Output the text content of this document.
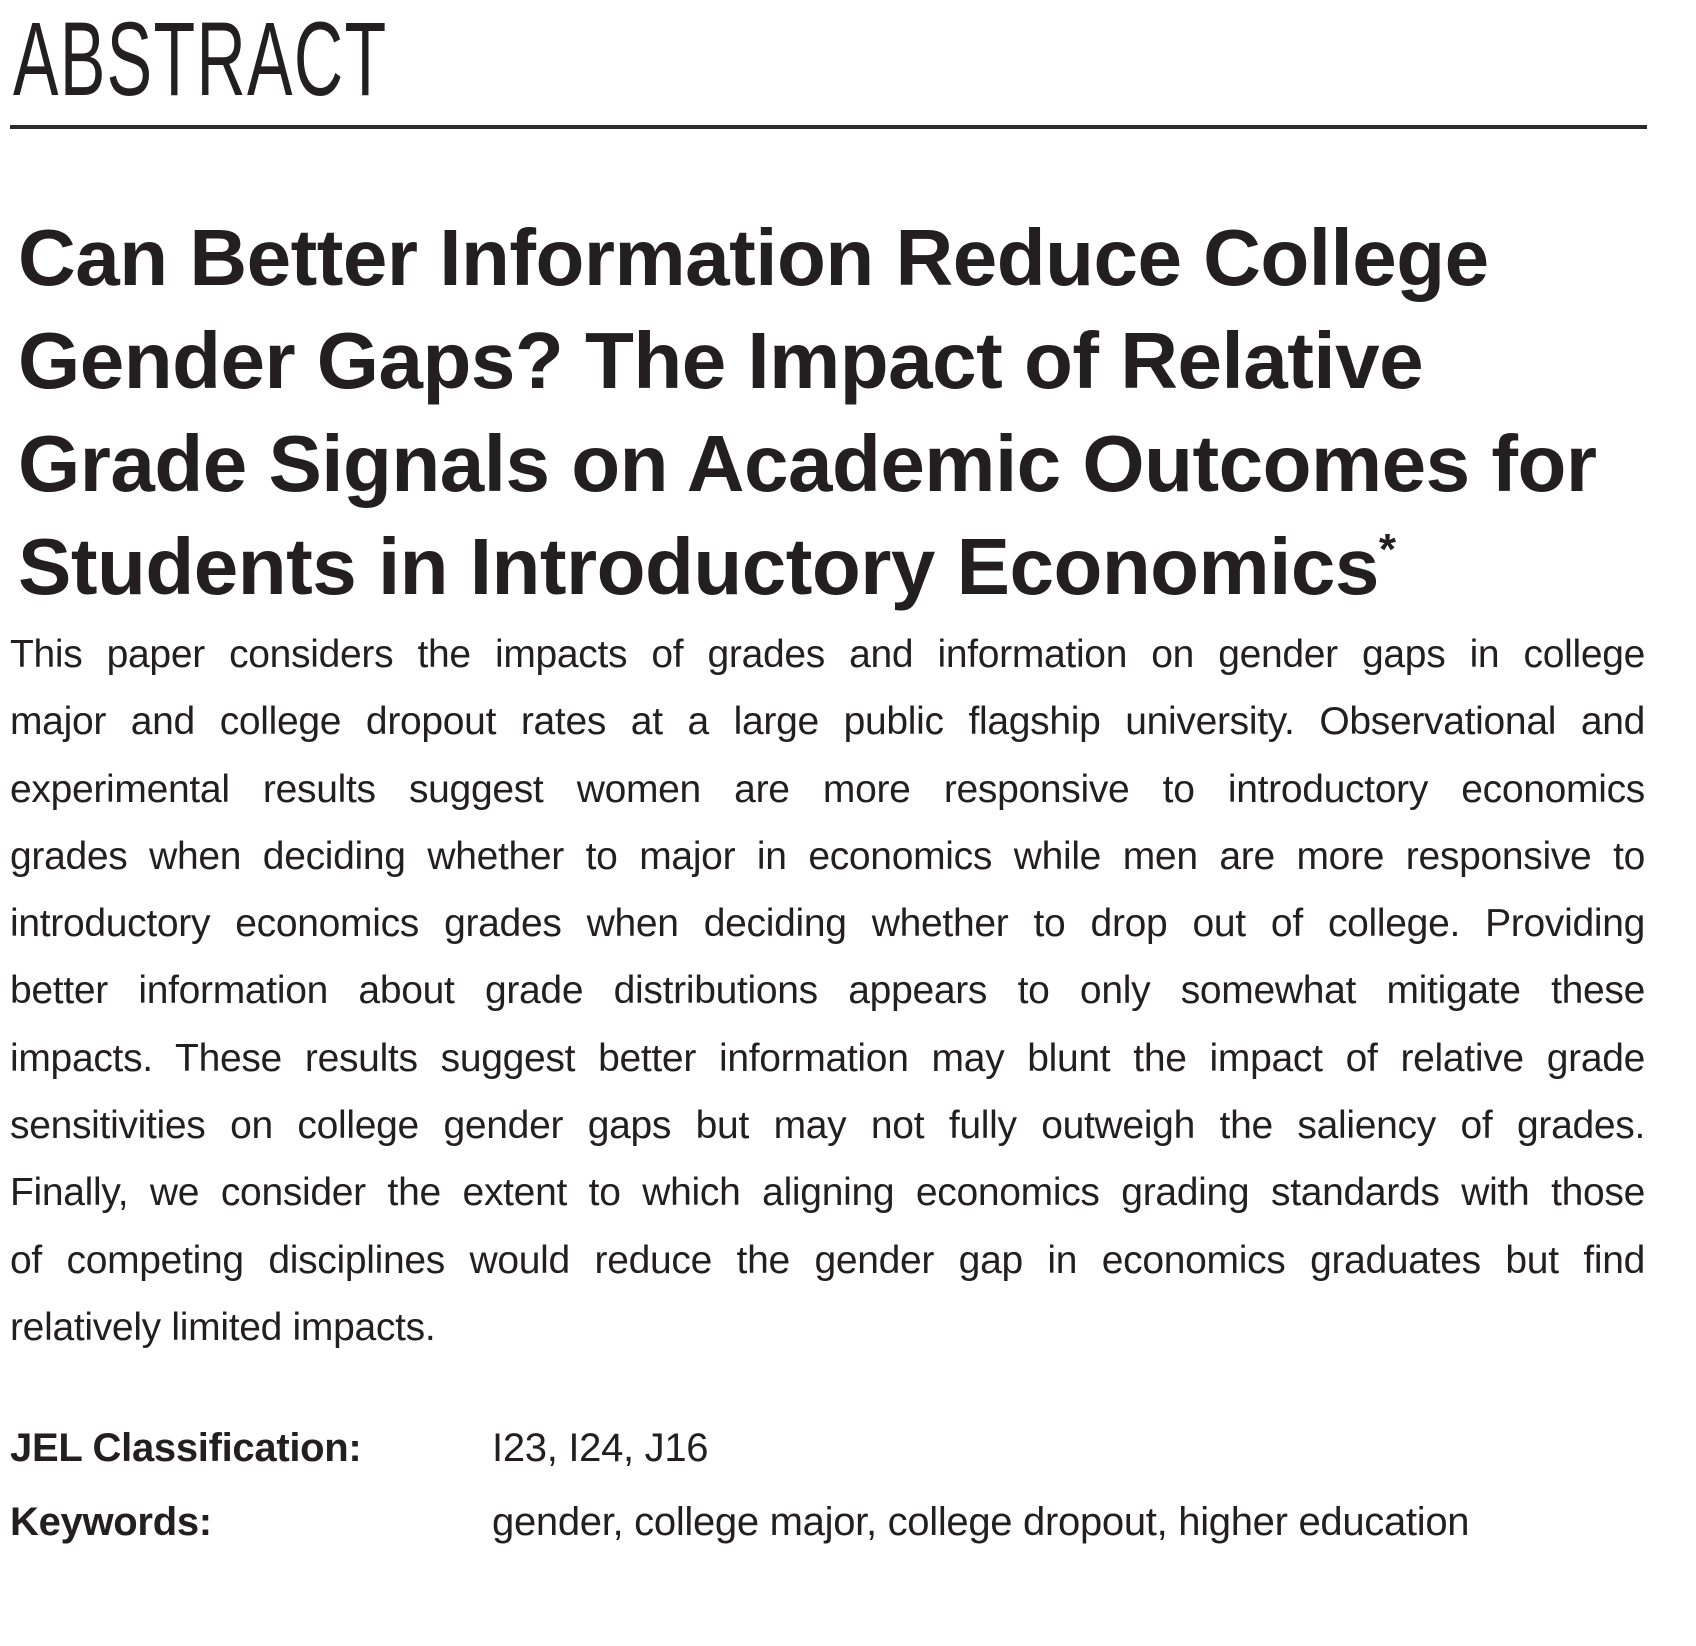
ABSTRACT
Can Better Information Reduce College
Gender Gaps? The Impact of Relative
Grade Signals on Academic Outcomes for
Students in Introductory Economics*
This paper considers the impacts of grades and information on gender gaps in college
major and college dropout rates at a large public flagship university. Observational and
experimental results suggest women are more responsive to introductory economics
grades when deciding whether to major in economics while men are more responsive to
introductory economics grades when deciding whether to drop out of college. Providing
better information about grade distributions appears to only somewhat mitigate these
impacts. These results suggest better information may blunt the impact of relative grade
sensitivities on college gender gaps but may not fully outweigh the saliency of grades.
Finally, we consider the extent to which aligning economics grading standards with those
of competing disciplines would reduce the gender gap in economics graduates but find
relatively limited impacts.
JEL Classification:	I23, I24, J16
Keywords:	gender, college major, college dropout, higher education
